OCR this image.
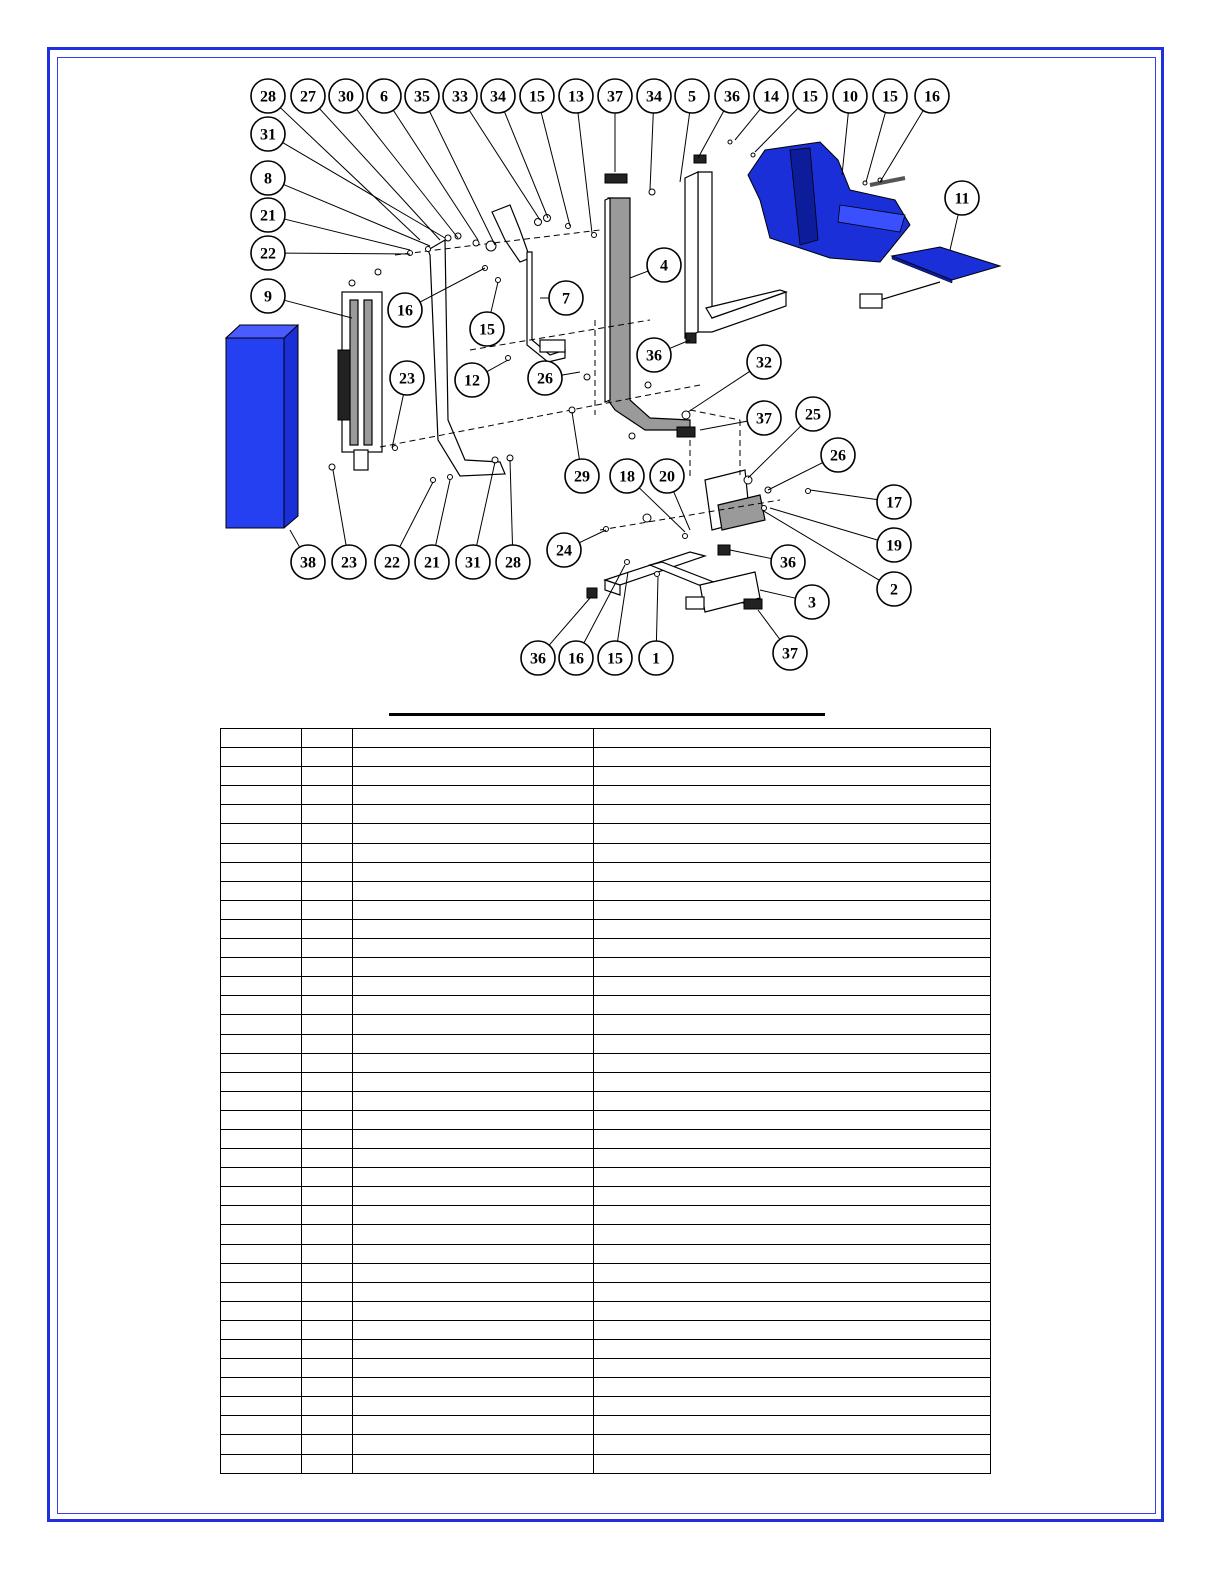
28 27 30 6 35 33 34 15 13 37 34 5 36 14 15 10 15 16
31
8
21
22
9
16
15
12	26
7
4
11
36	32
23
37 25
26
29 18 20
17
19
24
36
2
3
38 23 22 21 31 28
36 16 15 1	37
